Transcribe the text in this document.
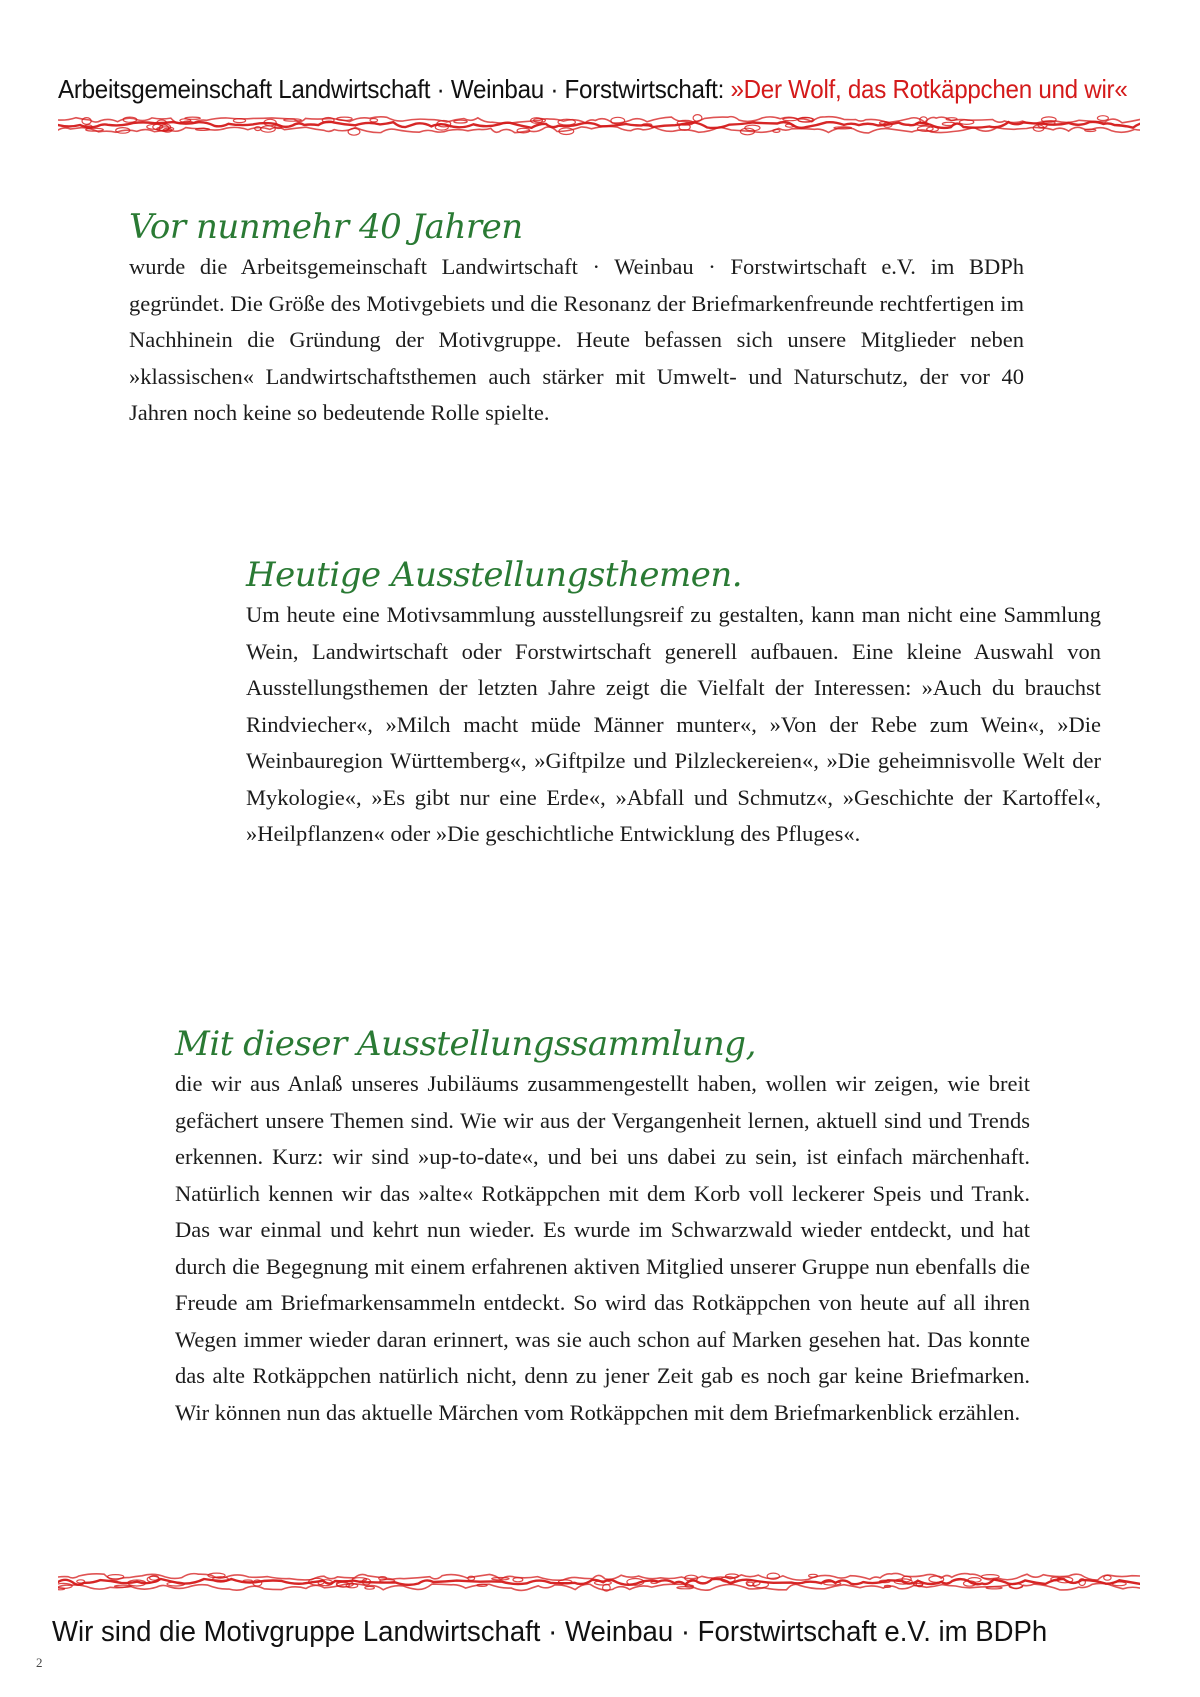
Arbeitsgemeinschaft Landwirtschaft · Weinbau · Forstwirtschaft: »Der Wolf, das Rotkäppchen und wir«
Vor nunmehr 40 Jahren

wurde die Arbeitsgemeinschaft Landwirtschaft · Weinbau · Forstwirtschaft e.V. im BDPh gegründet. Die Größe des Motivgebiets und die Resonanz der Briefmarkenfreunde rechtfertigen im Nachhinein die Gründung der Motivgruppe. Heute befassen sich unsere Mitglieder neben »klassischen« Landwirtschaftsthemen auch stärker mit Umwelt- und Naturschutz, der vor 40 Jahren noch keine so bedeutende Rolle spielte.

Heutige Ausstellungsthemen.

Um heute eine Motivsammlung ausstellungsreif zu gestalten, kann man nicht eine Sammlung Wein, Landwirtschaft oder Forstwirtschaft generell aufbauen. Eine kleine Auswahl von Ausstellungsthemen der letzten Jahre zeigt die Vielfalt der Interessen: »Auch du brauchst Rindviecher«, »Milch macht müde Männer munter«, »Von der Rebe zum Wein«, »Die Weinbauregion Württemberg«, »Giftpilze und Pilzleckereien«, »Die geheimnisvolle Welt der Mykologie«, »Es gibt nur eine Erde«, »Abfall und Schmutz«, »Geschichte der Kartoffel«, »Heilpflanzen« oder »Die geschichtliche Entwicklung des Pfluges«.

Mit dieser Ausstellungssammlung,

die wir aus Anlaß unseres Jubiläums zusammengestellt haben, wollen wir zeigen, wie breit gefächert unsere Themen sind. Wie wir aus der Vergangenheit lernen, aktuell sind und Trends erkennen. Kurz: wir sind »up-to-date«, und bei uns dabei zu sein, ist einfach märchenhaft. Natürlich kennen wir das »alte« Rotkäppchen mit dem Korb voll leckerer Speis und Trank. Das war einmal und kehrt nun wieder. Es wurde im Schwarzwald wieder entdeckt, und hat durch die Begegnung mit einem erfahrenen aktiven Mitglied unserer Gruppe nun ebenfalls die Freude am Briefmarkensammeln entdeckt. So wird das Rotkäppchen von heute auf all ihren Wegen immer wieder daran erinnert, was sie auch schon auf Marken gesehen hat. Das konnte das alte Rotkäppchen natürlich nicht, denn zu jener Zeit gab es noch gar keine Briefmarken. Wir können nun das aktuelle Märchen vom Rotkäppchen mit dem Briefmarkenblick erzählen.

Wir sind die Motivgruppe Landwirtschaft · Weinbau · Forstwirtschaft e.V. im BDPh
2
